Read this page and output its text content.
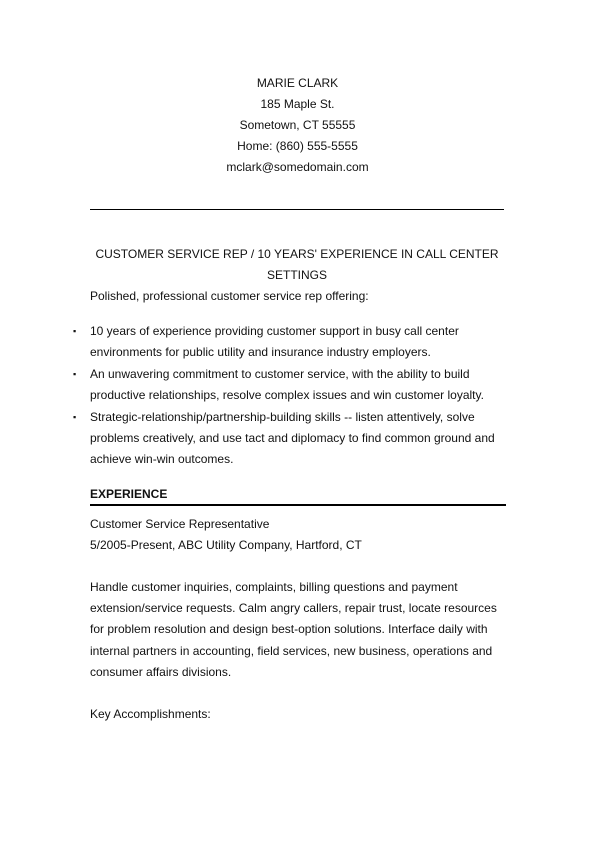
MARIE CLARK
185 Maple St.
Sometown, CT 55555
Home: (860) 555-5555
mclark@somedomain.com
CUSTOMER SERVICE REP / 10 YEARS' EXPERIENCE IN CALL CENTER SETTINGS
Polished, professional customer service rep offering:
▪ 10 years of experience providing customer support in busy call center environments for public utility and insurance industry employers.
▪ An unwavering commitment to customer service, with the ability to build productive relationships, resolve complex issues and win customer loyalty.
▪ Strategic-relationship/partnership-building skills -- listen attentively, solve problems creatively, and use tact and diplomacy to find common ground and achieve win-win outcomes.
EXPERIENCE
Customer Service Representative
5/2005-Present, ABC Utility Company, Hartford, CT
Handle customer inquiries, complaints, billing questions and payment extension/service requests. Calm angry callers, repair trust, locate resources for problem resolution and design best-option solutions. Interface daily with internal partners in accounting, field services, new business, operations and consumer affairs divisions.
Key Accomplishments:
